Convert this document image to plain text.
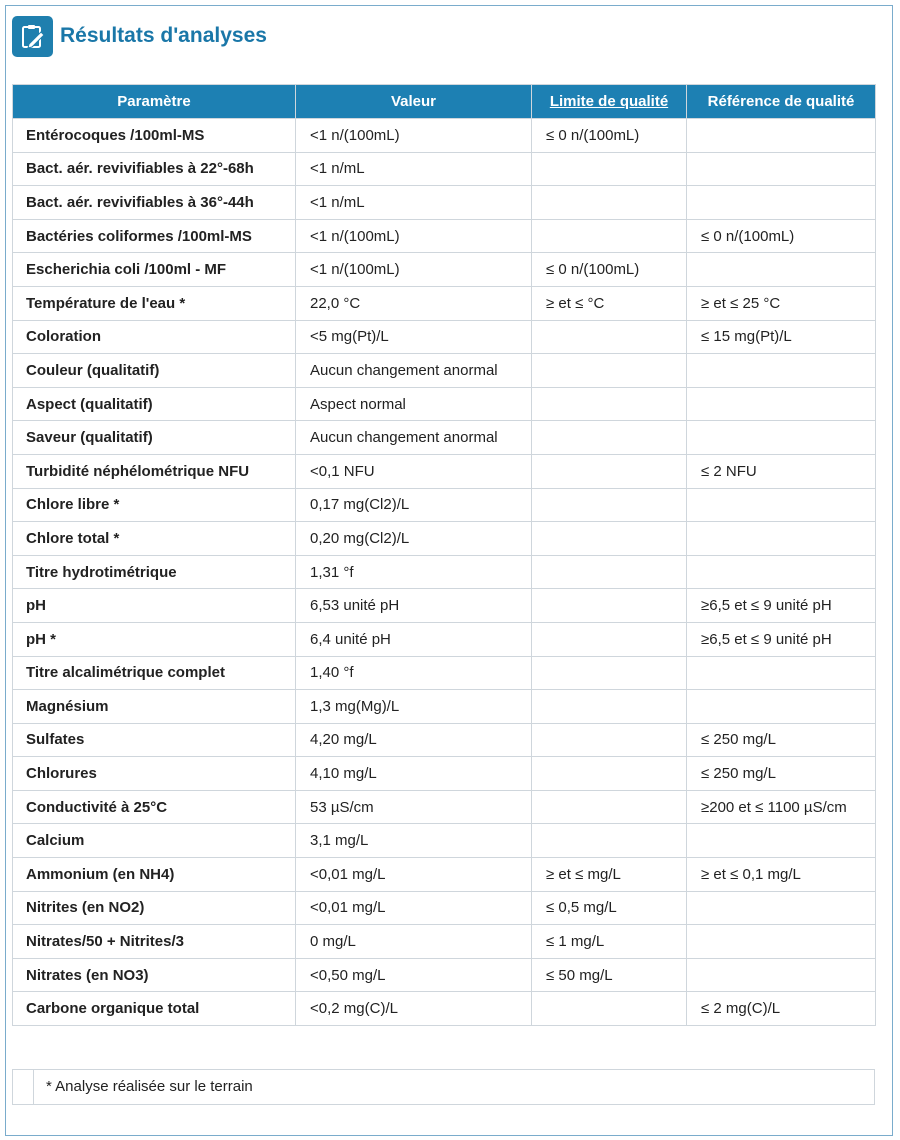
Résultats d'analyses
Paramètre	Valeur	Limite de qualité	Référence de qualité
Entérocoques /100ml-MS	<1 n/(100mL)	≤ 0 n/(100mL)	
Bact. aér. revivifiables à 22°-68h	<1 n/mL		
Bact. aér. revivifiables à 36°-44h	<1 n/mL		
Bactéries coliformes /100ml-MS	<1 n/(100mL)		≤ 0 n/(100mL)
Escherichia coli /100ml - MF	<1 n/(100mL)	≤ 0 n/(100mL)	
Température de l'eau *	22,0 °C	≥ et ≤ °C	≥ et ≤ 25 °C
Coloration	<5 mg(Pt)/L		≤ 15 mg(Pt)/L
Couleur (qualitatif)	Aucun changement anormal		
Aspect (qualitatif)	Aspect normal		
Saveur (qualitatif)	Aucun changement anormal		
Turbidité néphélométrique NFU	<0,1 NFU		≤ 2 NFU
Chlore libre *	0,17 mg(Cl2)/L		
Chlore total *	0,20 mg(Cl2)/L		
Titre hydrotimétrique	1,31 °f		
pH	6,53 unité pH		≥6,5 et ≤ 9 unité pH
pH *	6,4 unité pH		≥6,5 et ≤ 9 unité pH
Titre alcalimétrique complet	1,40 °f		
Magnésium	1,3 mg(Mg)/L		
Sulfates	4,20 mg/L		≤ 250 mg/L
Chlorures	4,10 mg/L		≤ 250 mg/L
Conductivité à 25°C	53 µS/cm		≥200 et ≤ 1100 µS/cm
Calcium	3,1 mg/L		
Ammonium (en NH4)	<0,01 mg/L	≥ et ≤ mg/L	≥ et ≤ 0,1 mg/L
Nitrites (en NO2)	<0,01 mg/L	≤ 0,5 mg/L	
Nitrates/50 + Nitrites/3	0 mg/L	≤ 1 mg/L	
Nitrates (en NO3)	<0,50 mg/L	≤ 50 mg/L	
Carbone organique total	<0,2 mg(C)/L		≤ 2 mg(C)/L
* Analyse réalisée sur le terrain
